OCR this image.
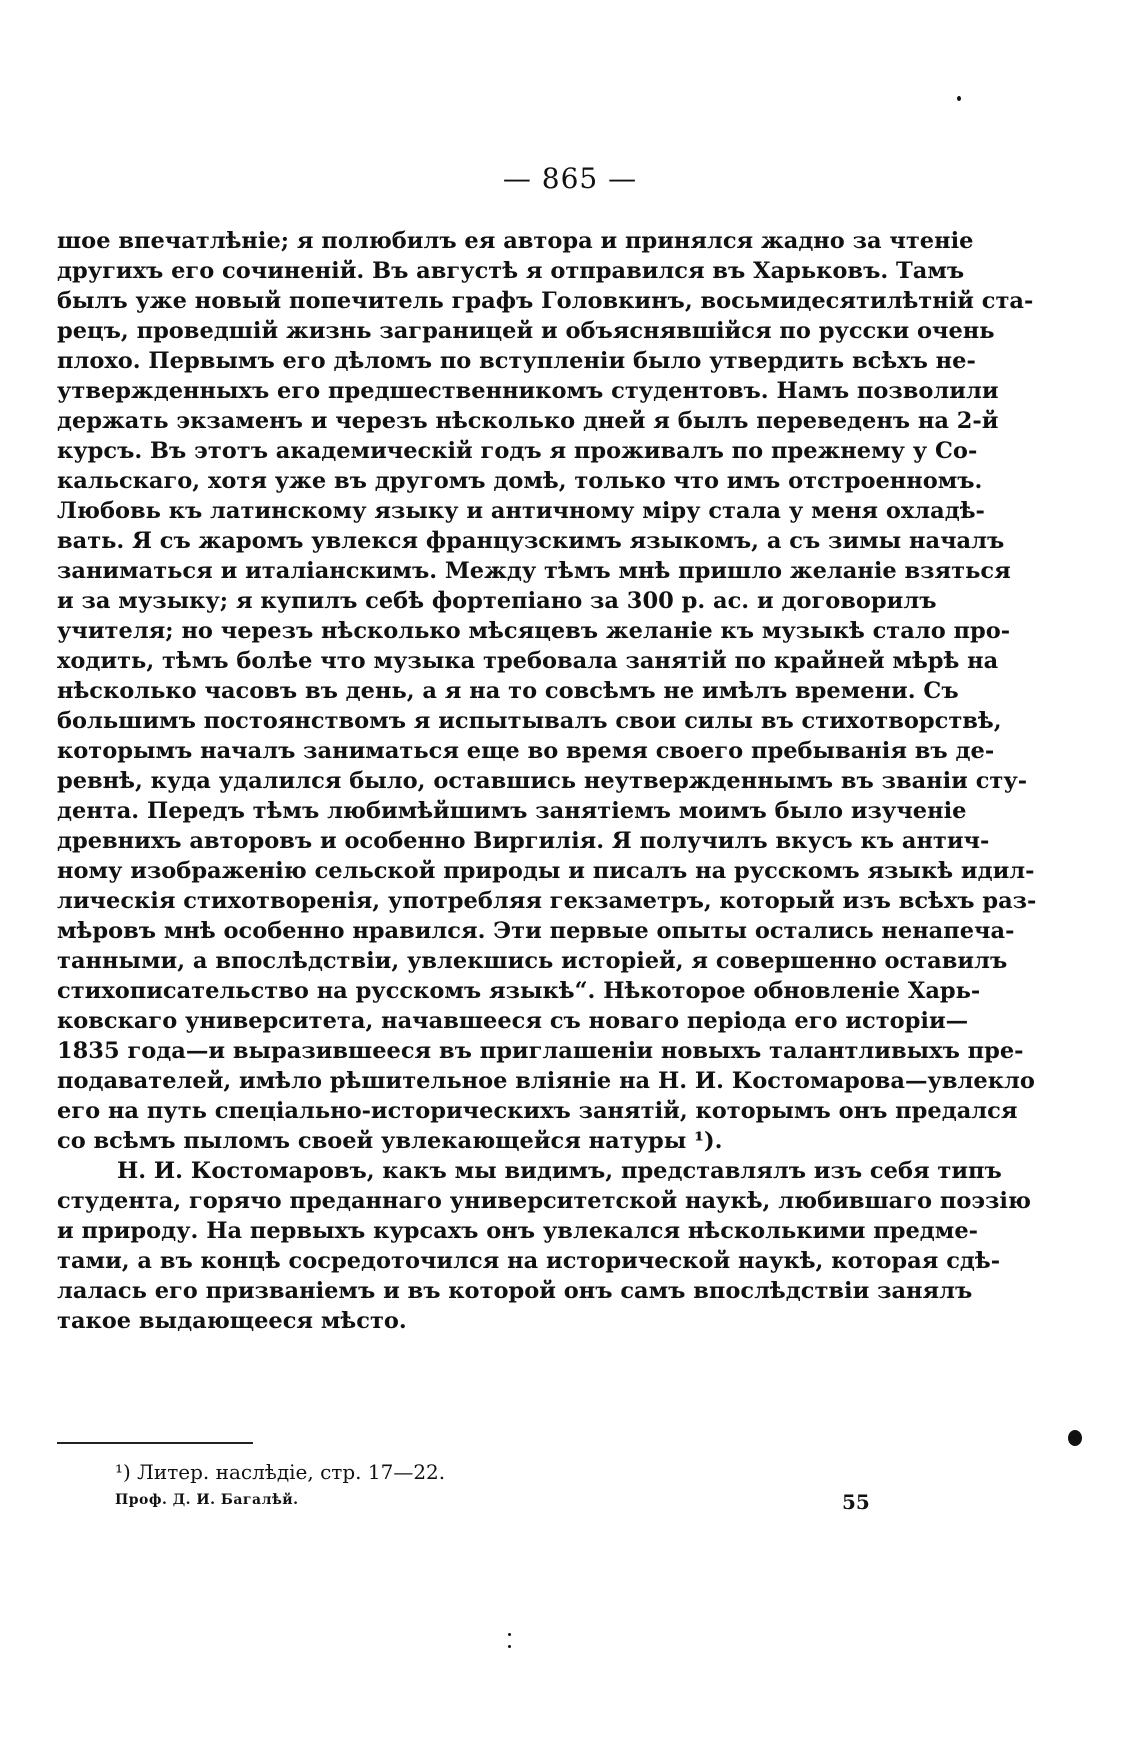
— 865 —
шое впечатлѣніе; я полюбилъ ея автора и принялся жадно за чтеніе
другихъ его сочиненій. Въ августѣ я отправился въ Харьковъ. Тамъ
былъ уже новый попечитель графъ Головкинъ, восьмидесятилѣтній ста-
рецъ, проведшій жизнь заграницей и объяснявшійся по русски очень
плохо. Первымъ его дѣломъ по вступленіи было утвердить всѣхъ не-
утвержденныхъ его предшественникомъ студентовъ. Намъ позволили
держать экзаменъ и черезъ нѣсколько дней я былъ переведенъ на 2-й
курсъ. Въ этотъ академическій годъ я проживалъ по прежнему у Со-
кальскаго, хотя уже въ другомъ домѣ, только что имъ отстроенномъ.
Любовь къ латинскому языку и античному міру стала у меня охладѣ-
вать. Я съ жаромъ увлекся французскимъ языкомъ, а съ зимы началъ
заниматься и италіанскимъ. Между тѣмъ мнѣ пришло желаніе взяться
и за музыку; я купилъ себѣ фортепіано за 300 р. ас. и договорилъ
учителя; но черезъ нѣсколько мѣсяцевъ желаніе къ музыкѣ стало про-
ходить, тѣмъ болѣе что музыка требовала занятій по крайней мѣрѣ на
нѣсколько часовъ въ день, а я на то совсѣмъ не имѣлъ времени. Съ
большимъ постоянствомъ я испытывалъ свои силы въ стихотворствѣ,
которымъ началъ заниматься еще во время своего пребыванія въ де-
ревнѣ, куда удалился было, оставшись неутвержденнымъ въ званіи сту-
дента. Передъ тѣмъ любимѣйшимъ занятіемъ моимъ было изученіе
древнихъ авторовъ и особенно Виргилія. Я получилъ вкусъ къ антич-
ному изображенію сельской природы и писалъ на русскомъ языкѣ идил-
лическія стихотворенія, употребляя гекзаметръ, который изъ всѣхъ раз-
мѣровъ мнѣ особенно нравился. Эти первые опыты остались ненапеча-
танными, а впослѣдствіи, увлекшись исторіей, я совершенно оставилъ
стихописательство на русскомъ языкѣ“. Нѣкоторое обновленіе Харь-
ковскаго университета, начавшееся съ новаго періода его исторіи—
1835 года—и выразившееся въ приглашеніи новыхъ талантливыхъ пре-
подавателей, имѣло рѣшительное вліяніе на Н. И. Костомарова—увлекло
его на путь спеціально-историческихъ занятій, которымъ онъ предался
со всѣмъ пыломъ своей увлекающейся натуры ¹).
Н. И. Костомаровъ, какъ мы видимъ, представлялъ изъ себя типъ
студента, горячо преданнаго университетской наукѣ, любившаго поэзію
и природу. На первыхъ курсахъ онъ увлекался нѣсколькими предме-
тами, а въ концѣ сосредоточился на исторической наукѣ, которая сдѣ-
лалась его призваніемъ и въ которой онъ самъ впослѣдствіи занялъ
такое выдающееся мѣсто.
¹) Литер. наслѣдіе, стр. 17—22.
Проф. Д. И. Багалѣй.	55
